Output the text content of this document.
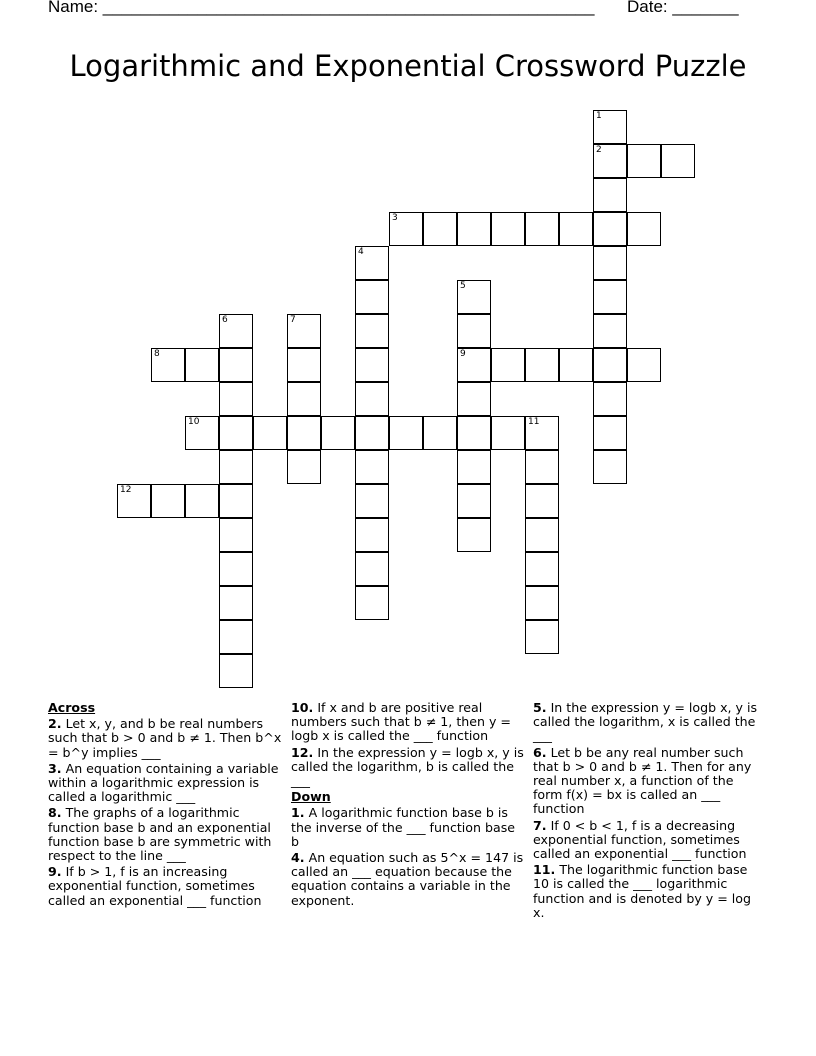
Name: ____________________________________________________ Date: _______
Logarithmic and Exponential Crossword Puzzle
1
2
3
4
5
9
6	7
8
10	11
12
Across
2. Let x, y, and b be real numbers such that b > 0 and b ≠ 1. Then b^x = b^y implies ___
3. An equation containing a variable within a logarithmic expression is called a logarithmic ___
8. The graphs of a logarithmic function base b and an exponential function base b are symmetric with respect to the line ___
9. If b > 1, f is an increasing exponential function, sometimes called an exponential ___ function
10. If x and b are positive real numbers such that b ≠ 1, then y = logb x is called the ___ function
12. In the expression y = logb x, y is called the logarithm, b is called the ___
Down
1. A logarithmic function base b is the inverse of the ___ function base b
4. An equation such as 5^x = 147 is called an ___ equation because the equation contains a variable in the exponent.
5. In the expression y = logb x, y is called the logarithm, x is called the ___
6. Let b be any real number such that b > 0 and b ≠ 1. Then for any real number x, a function of the form f(x) = bx is called an ___ function
7. If 0 < b < 1, f is a decreasing exponential function, sometimes called an exponential ___ function
11. The logarithmic function base 10 is called the ___ logarithmic function and is denoted by y = log x.
